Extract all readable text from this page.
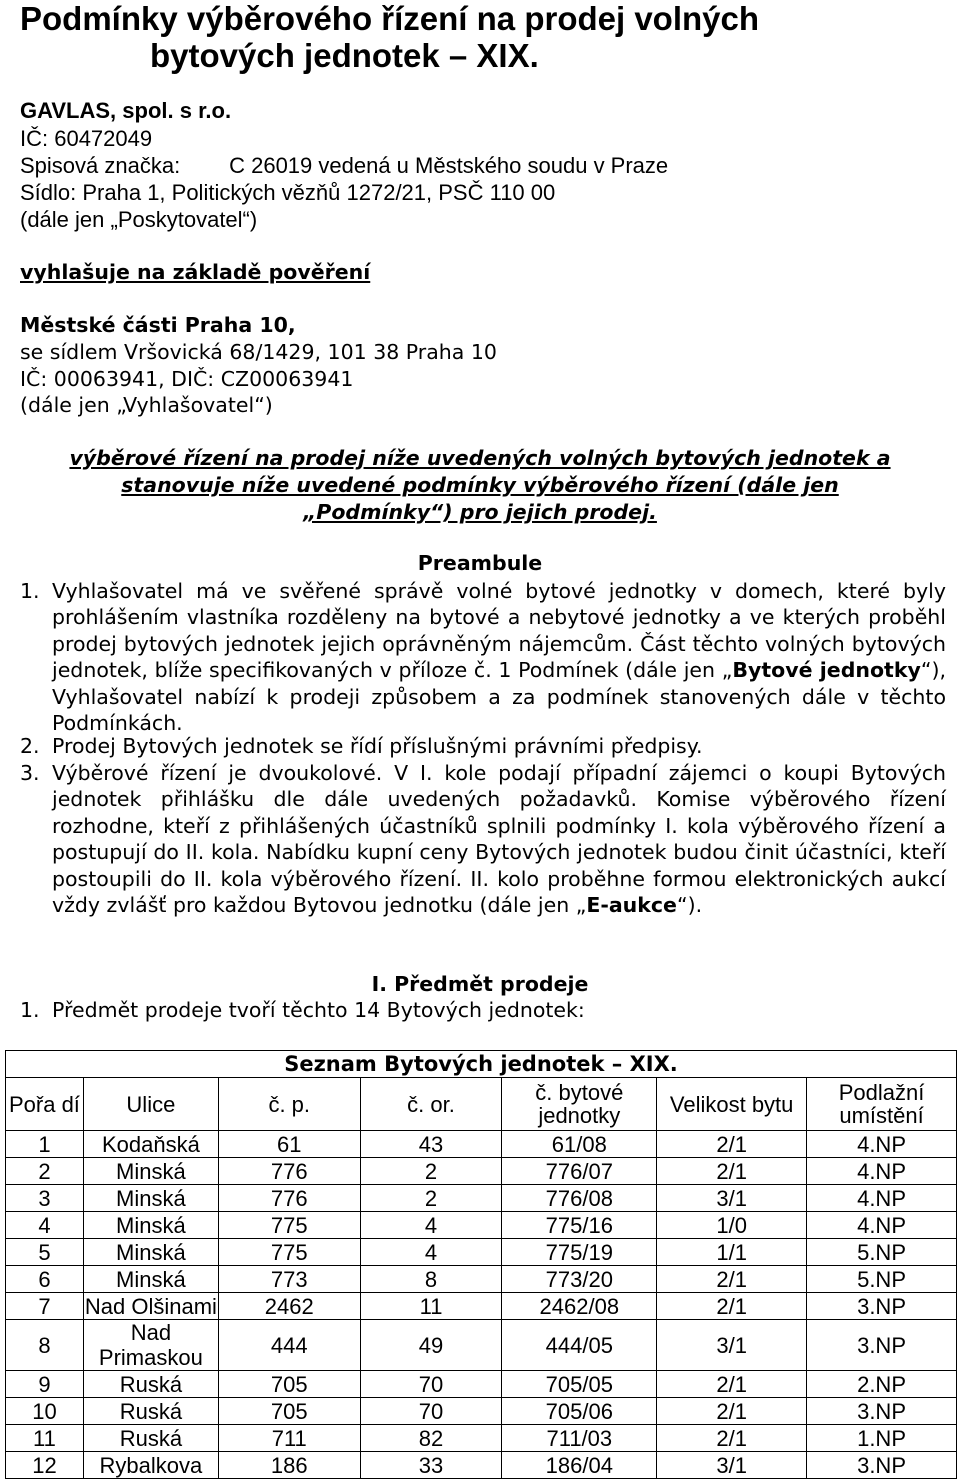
Podmínky výběrového řízení na prodej volných
bytových jednotek – XIX.
GAVLAS, spol. s r.o.
IČ: 60472049
Spisová značka:        C 26019 vedená u Městského soudu v Praze
Sídlo: Praha 1, Politických vězňů 1272/21, PSČ 110 00
(dále jen „Poskytovatel“)
vyhlašuje na základě pověření
Městské části Praha 10,
se sídlem Vršovická 68/1429, 101 38 Praha 10
IČ: 00063941, DIČ: CZ00063941
(dále jen „Vyhlašovatel“)
výběrové řízení na prodej níže uvedených volných bytových jednotek a
stanovuje níže uvedené podmínky výběrového řízení (dále jen
„Podmínky“) pro jejich prodej.
Preambule
1. Vyhlašovatel má ve svěřené správě volné bytové jednotky v domech, které byly prohlášením vlastníka rozděleny na bytové a nebytové jednotky a ve kterých proběhl prodej bytových jednotek jejich oprávněným nájemcům. Část těchto volných bytových jednotek, blíže specifikovaných v příloze č. 1 Podmínek (dále jen „Bytové jednotky“), Vyhlašovatel nabízí k prodeji způsobem a za podmínek stanovených dále v těchto Podmínkách.
2. Prodej Bytových jednotek se řídí příslušnými právními předpisy.
3. Výběrové řízení je dvoukolové. V I. kole podají případní zájemci o koupi Bytových jednotek přihlášku dle dále uvedených požadavků. Komise výběrového řízení rozhodne, kteří z přihlášených účastníků splnili podmínky I. kola výběrového řízení a postupují do II. kola. Nabídku kupní ceny Bytových jednotek budou činit účastníci, kteří postoupili do II. kola výběrového řízení. II. kolo proběhne formou elektronických aukcí vždy zvlášť pro každou Bytovou jednotku (dále jen „E-aukce“).
I. Předmět prodeje
1. Předmět prodeje tvoří těchto 14 Bytových jednotek:
Seznam Bytových jednotek – XIX.						
Pořa dí	Ulice	č. p.	č. or.	č. bytové jednotky	Velikost bytu	Podlažní umístění
1	Kodaňská	61	43	61/08	2/1	4.NP
2	Minská	776	2	776/07	2/1	4.NP
3	Minská	776	2	776/08	3/1	4.NP
4	Minská	775	4	775/16	1/0	4.NP
5	Minská	775	4	775/19	1/1	5.NP
6	Minská	773	8	773/20	2/1	5.NP
7	Nad Olšinami	2462	11	2462/08	2/1	3.NP
8	Nad Primaskou	444	49	444/05	3/1	3.NP
9	Ruská	705	70	705/05	2/1	2.NP
10	Ruská	705	70	705/06	2/1	3.NP
11	Ruská	711	82	711/03	2/1	1.NP
12	Rybalkova	186	33	186/04	3/1	3.NP
